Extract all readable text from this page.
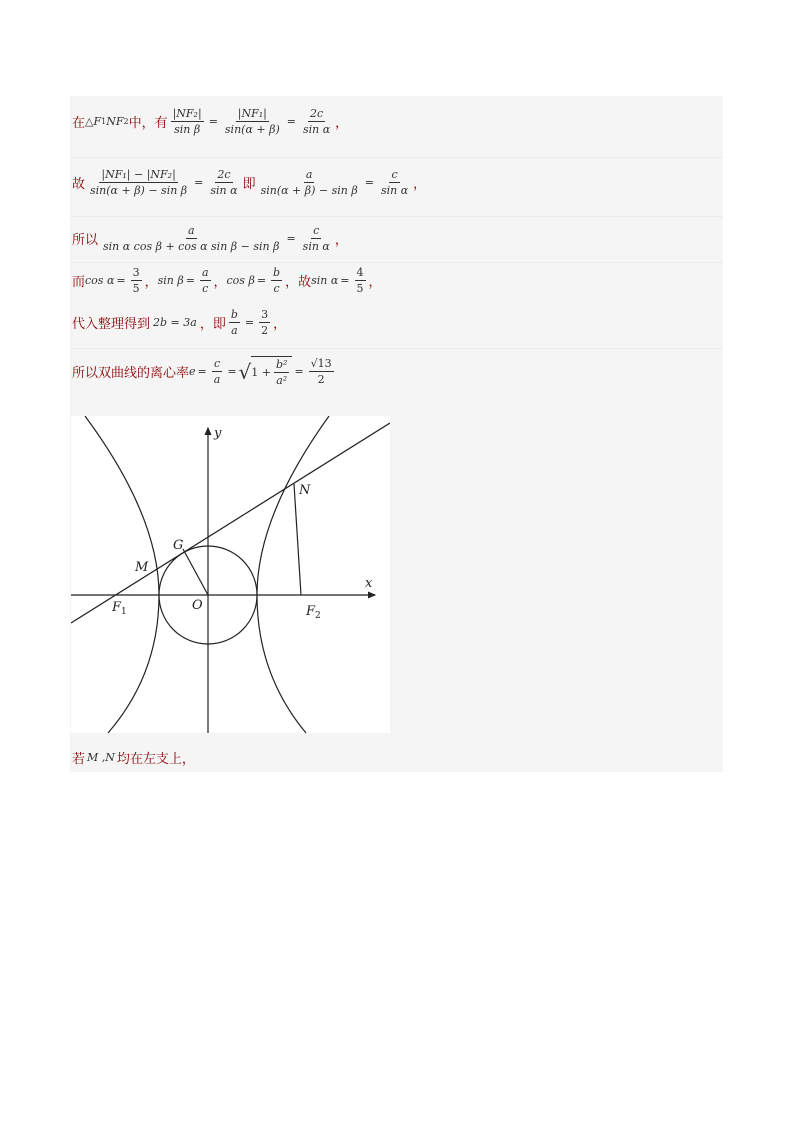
在 △ F 1 NF 2 中，有 $\frac{\text{|NF₂|}}{\text{sin β}} = \frac{\text{|NF₁|}}{\sin(\alpha + \beta)} = \frac{2c}{\text{sin α}}$ ，
故 $\frac{\text{|NF₁| − |NF₂|}}{\text{sin(α + β) − sin β}} = \frac{2c}{\text{sin α}}$ 即 $\frac{a}{\text{sin(α + β) − sin β}} = \frac{c}{\text{sin α}}$ ，
所以 $\frac{a}{\text{sin α cos β + cos α sin β − sin β}} = \frac{c}{\text{sin α}}$ ，
而 $\cos \alpha = \frac{3}{5}$ ， $\sin \beta = \frac{a}{c}$ ， $\cos \beta = \frac{b}{c}$ ，故 $\sin \alpha = \frac{4}{5}$ ，
代入整理得到 2b = 3a ，即 $\frac{b}{a} = \frac{3}{2}$ ，
所以双曲线的离心率 $e = \frac{c}{a}$ = √ $1 + \frac{\text{b²}}{\text{a²}} = \frac{√13}{2}$
y
x
O
G
M
N
F 1	F 2
若 M ,N 均在左支上，
